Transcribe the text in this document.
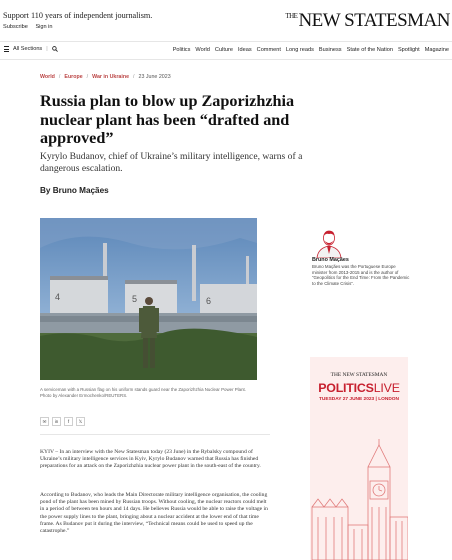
Support 110 years of independent journalism.
Subscribe Sign in
$^{THE}$NEW STATESMAN
All Sections |	Politics World Culture Ideas Comment Long reads Business State of the Nation Spotlight Magazine
World / Europe / War in Ukraine / 23 June 2023
Russia plan to blow up Zaporizhzhia nuclear plant has been “drafted and approved”

Kyrylo Budanov, chief of Ukraine’s military intelligence, warns of a dangerous escalation.

By Bruno Maçães
4	5	6
A serviceman with a Russian flag on his uniform stands guard near the Zaporizhzhia Nuclear Power Plant. Photo by Alexander Ermochenko/REUTERS.
✉	in	f	𝕏

KYIV – In an interview with the New Statesman today (23 June) in the Rybalsky compound of Ukraine’s military intelligence services in Kyiv, Kyrylo Budanov warned that Russia has finished preparations for an attack on the Zaporizhzhia nuclear power plant in the south-east of the country.

According to Budanov, who leads the Main Directorate military intelligence organisation, the cooling pond of the plant has been mined by Russian troops. Without cooling, the nuclear reactors could melt in a period of between ten hours and 14 days. He believes Russia would be able to raise the voltage in the power supply lines to the plant, bringing about a nuclear accident at the lower end of that time frame. As Budanov put it during the interview, “Technical means could be used to speed up the catastrophe.”

Bruno Maçães
Bruno Maçães was the Portuguese Europe minister from 2013-2015 and is the author of “Geopolitics for the End Time: From the Pandemic to the Climate Crisis”.
THE NEW STATESMAN
POLITICSLIVE
TUESDAY 27 JUNE 2023 | LONDON
